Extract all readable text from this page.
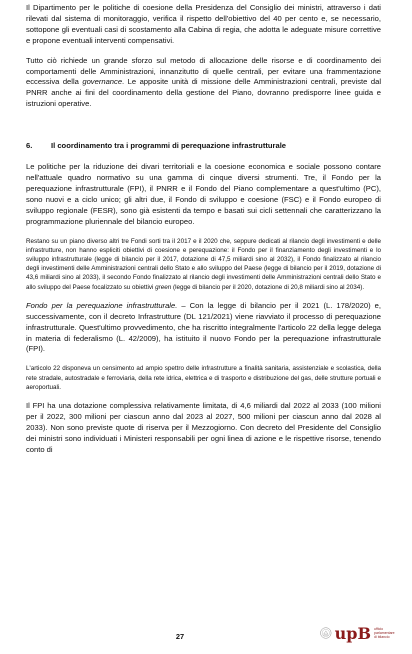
Il Dipartimento per le politiche di coesione della Presidenza del Consiglio dei ministri, attraverso i dati rilevati dal sistema di monitoraggio, verifica il rispetto dell'obiettivo del 40 per cento e, se necessario, sottopone gli eventuali casi di scostamento alla Cabina di regia, che adotta le adeguate misure correttive e propone eventuali interventi compensativi.

Tutto ciò richiede un grande sforzo sul metodo di allocazione delle risorse e di coordinamento dei comportamenti delle Amministrazioni, innanzitutto di quelle centrali, per evitare una frammentazione eccessiva della governance. Le apposite unità di missione delle Amministrazioni centrali, previste dal PNRR anche ai fini del coordinamento della gestione del Piano, dovranno predisporre linee guida e istruzioni operative.

6.	Il coordinamento tra i programmi di perequazione infrastrutturale

Le politiche per la riduzione dei divari territoriali e la coesione economica e sociale possono contare nell'attuale quadro normativo su una gamma di cinque diversi strumenti. Tre, il Fondo per la perequazione infrastrutturale (FPI), il PNRR e il Fondo del Piano complementare a quest'ultimo (PC), sono nuovi e a ciclo unico; gli altri due, il Fondo di sviluppo e coesione (FSC) e il Fondo europeo di sviluppo regionale (FESR), sono già esistenti da tempo e basati sui cicli settennali che caratterizzano la programmazione pluriennale del bilancio europeo.

Restano su un piano diverso altri tre Fondi sorti tra il 2017 e il 2020 che, seppure dedicati al rilancio degli investimenti e delle infrastrutture, non hanno espliciti obiettivi di coesione e perequazione: il Fondo per il finanziamento degli investimenti e lo sviluppo infrastrutturale (legge di bilancio per il 2017, dotazione di 47,5 miliardi sino al 2032), il Fondo finalizzato al rilancio degli investimenti delle Amministrazioni centrali dello Stato e allo sviluppo del Paese (legge di bilancio per il 2019, dotazione di 43,6 miliardi sino al 2033), il secondo Fondo finalizzato al rilancio degli investimenti delle Amministrazioni centrali dello Stato e allo sviluppo del Paese focalizzato su obiettivi green (legge di bilancio per il 2020, dotazione di 20,8 miliardi sino al 2034).

Fondo per la perequazione infrastrutturale. – Con la legge di bilancio per il 2021 (L. 178/2020) e, successivamente, con il decreto Infrastrutture (DL 121/2021) viene riavviato il processo di perequazione infrastrutturale. Quest'ultimo provvedimento, che ha riscritto integralmente l'articolo 22 della legge delega in materia di federalismo (L. 42/2009), ha istituito il nuovo Fondo per la perequazione infrastrutturale (FPI).

L'articolo 22 disponeva un censimento ad ampio spettro delle infrastrutture a finalità sanitaria, assistenziale e scolastica, della rete stradale, autostradale e ferroviaria, della rete idrica, elettrica e di trasporto e distribuzione del gas, delle strutture portuali e aeroportuali.

Il FPI ha una dotazione complessiva relativamente limitata, di 4,6 miliardi dal 2022 al 2033 (100 milioni per il 2022, 300 milioni per ciascun anno dal 2023 al 2027, 500 milioni per ciascun anno dal 2028 al 2033). Non sono previste quote di riserva per il Mezzogiorno. Con decreto del Presidente del Consiglio dei ministri sono individuati i Ministeri responsabili per ogni linea di azione e le rispettive risorse, tenendo conto di

27	upB ufficio parlamentare di bilancio
